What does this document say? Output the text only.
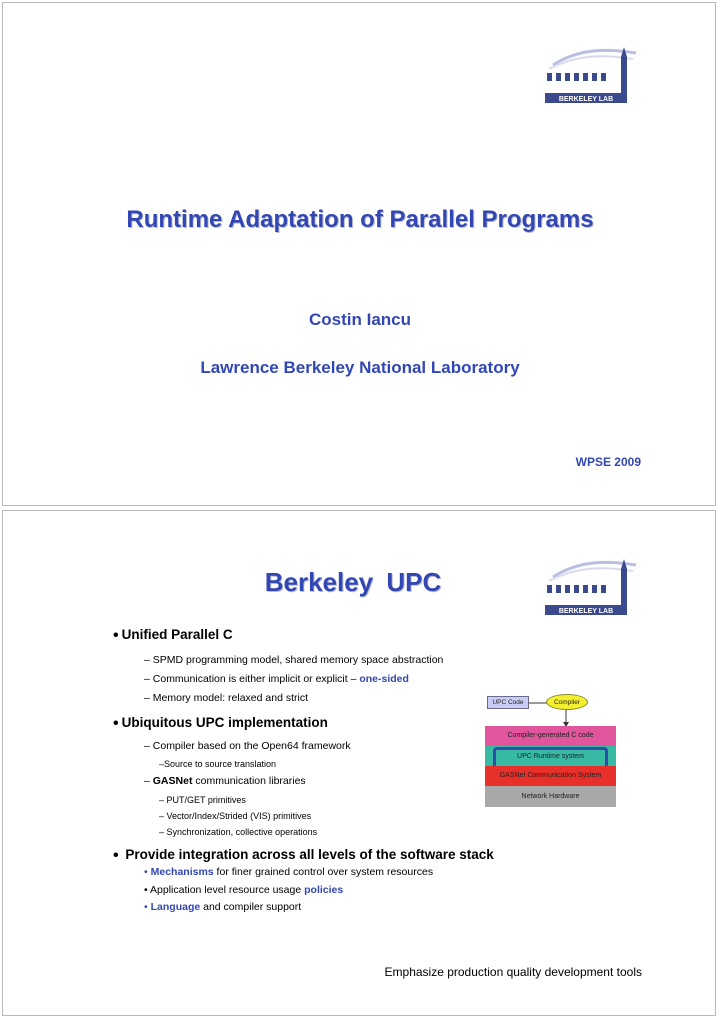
BERKELEY LAB
Runtime Adaptation of Parallel Programs
Costin Iancu
Lawrence Berkeley National Laboratory
WPSE 2009
BERKELEY LAB
Berkeley UPC
• Unified Parallel C
– SPMD programming model, shared memory space abstraction
– Communication is either implicit or explicit – one-sided
– Memory model: relaxed and strict
• Ubiquitous UPC implementation
– Compiler based on the Open64 framework
–Source to source translation
– GASNet communication libraries
– PUT/GET primitives
– Vector/Index/Strided (VIS) primitives
– Synchronization, collective operations
• Provide integration across all levels of the software stack
• Mechanisms for finer grained control over system resources
• Application level resource usage policies
• Language and compiler support
UPC Code	Compiler
Compiler-generated C code
UPC Runtime system
GASNet Communication System
Network Hardware
Emphasize production quality development tools
